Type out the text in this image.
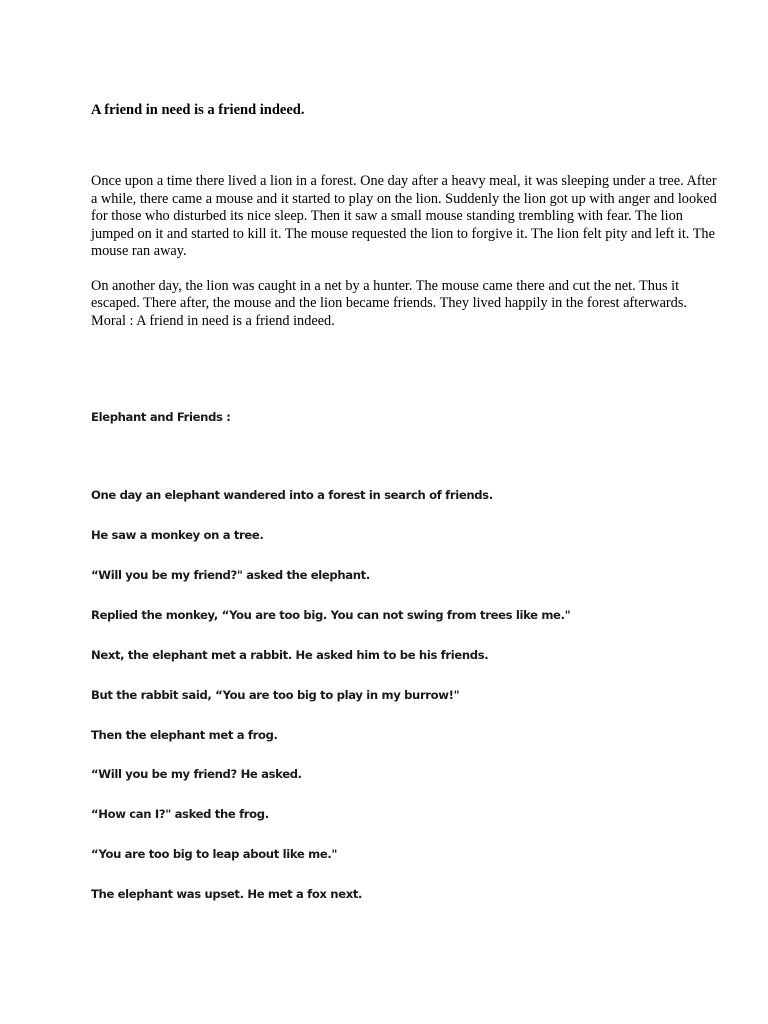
A friend in need is a friend indeed.

Once upon a time there lived a lion in a forest. One day after a heavy meal, it was sleeping under a tree. After a while, there came a mouse and it started to play on the lion. Suddenly the lion got up with anger and looked for those who disturbed its nice sleep. Then it saw a small mouse standing trembling with fear. The lion jumped on it and started to kill it. The mouse requested the lion to forgive it. The lion felt pity and left it. The mouse ran away.

On another day, the lion was caught in a net by a hunter. The mouse came there and cut the net. Thus it escaped. There after, the mouse and the lion became friends. They lived happily in the forest afterwards.

Moral : A friend in need is a friend indeed.

Elephant and Friends :

One day an elephant wandered into a forest in search of friends.

He saw a monkey on a tree.

“Will you be my friend?" asked the elephant.

Replied the monkey, “You are too big. You can not swing from trees like me."

Next, the elephant met a rabbit. He asked him to be his friends.

But the rabbit said, “You are too big to play in my burrow!"

Then the elephant met a frog.

“Will you be my friend? He asked.

“How can I?" asked the frog.

“You are too big to leap about like me."

The elephant was upset. He met a fox next.
